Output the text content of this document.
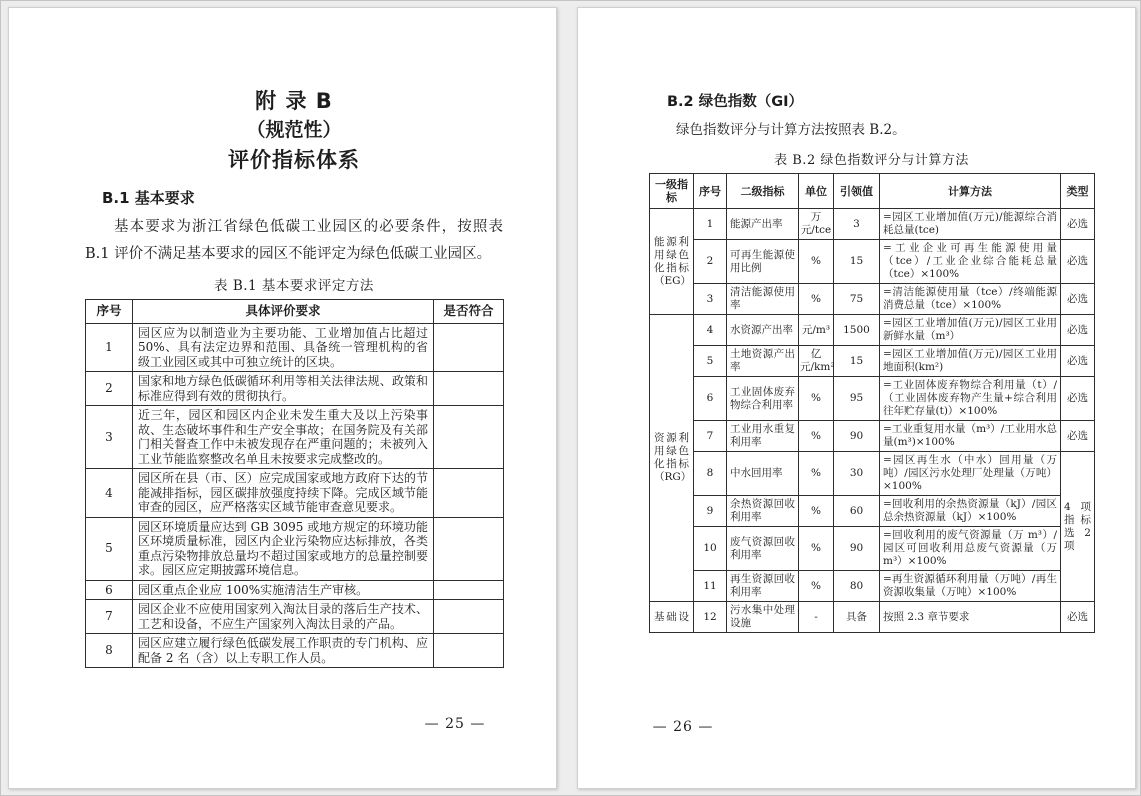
附 录 B
（规范性）
评价指标体系
B.1 基本要求

基本要求为浙江省绿色低碳工业园区的必要条件，按照表 B.1 评价不满足基本要求的园区不能评定为绿色低碳工业园区。

表 B.1 基本要求评定方法
序号	具体评价要求	是否符合
1	园区应为以制造业为主要功能、工业增加值占比超过 50%、具有法定边界和范围、具备统一管理机构的省级工业园区或其中可独立统计的区块。	
2	国家和地方绿色低碳循环利用等相关法律法规、政策和标准应得到有效的贯彻执行。	
3	近三年，园区和园区内企业未发生重大及以上污染事故、生态破坏事件和生产安全事故；在国务院及有关部门相关督查工作中未被发现存在严重问题的；未被列入工业节能监察整改名单且未按要求完成整改的。	
4	园区所在县（市、区）应完成国家或地方政府下达的节能减排指标，园区碳排放强度持续下降。完成区域节能审查的园区，应严格落实区域节能审查意见要求。	
5	园区环境质量应达到 GB 3095 或地方规定的环境功能区环境质量标准，园区内企业污染物应达标排放，各类重点污染物排放总量均不超过国家或地方的总量控制要求。园区应定期披露环境信息。	
6	园区重点企业应 100%实施清洁生产审核。	
7	园区企业不应使用国家列入淘汰目录的落后生产技术、工艺和设备，不应生产国家列入淘汰目录的产品。	
8	园区应建立履行绿色低碳发展工作职责的专门机构、应配备 2 名（含）以上专职工作人员。	
— 25 —
B.2 绿色指数（GI）

绿色指数评分与计算方法按照表 B.2。

表 B.2 绿色指数评分与计算方法
一级指标	序号	二级指标	单位	引领值	计算方法	类型
能源利用绿色化指标（EG）	1	能源产出率	万元/tce	3	=园区工业增加值(万元)/能源综合消耗总量(tce)	必选
	2	可再生能源使用比例	%	15	=工业企业可再生能源使用量（tce）/工业企业综合能耗总量（tce）×100%	必选
	3	清洁能源使用率	%	75	=清洁能源使用量（tce）/终端能源消费总量（tce）×100%	必选
资源利用绿色化指标（RG）	4	水资源产出率	元/m³	1500	=园区工业增加值(万元)/园区工业用新鲜水量（m³）	必选
	5	土地资源产出率	亿元/km²	15	=园区工业增加值(万元)/园区工业用地面积(km²)	必选
	6	工业固体废弃物综合利用率	%	95	=工业固体废弃物综合利用量（t）/（工业固体废弃物产生量+综合利用往年贮存量(t)）×100%	必选
	7	工业用水重复利用率	%	90	=工业重复用水量（m³）/工业用水总量(m³)×100%	必选
	8	中水回用率	%	30	=园区再生水（中水）回用量（万吨）/园区污水处理厂处理量（万吨）×100%	4 项指标选 2 项
	9	余热资源回收利用率	%	60	=回收利用的余热资源量（kJ）/园区总余热资源量（kJ）×100%	
	10	废气资源回收利用率	%	90	=回收利用的废气资源量（万 m³）/园区可回收利用总废气资源量（万 m³）×100%	
	11	再生资源回收利用率	%	80	=再生资源循环利用量（万吨）/再生资源收集量（万吨）×100%	
基础设	12	污水集中处理设施	-	具备	按照 2.3 章节要求	必选
— 26 —
